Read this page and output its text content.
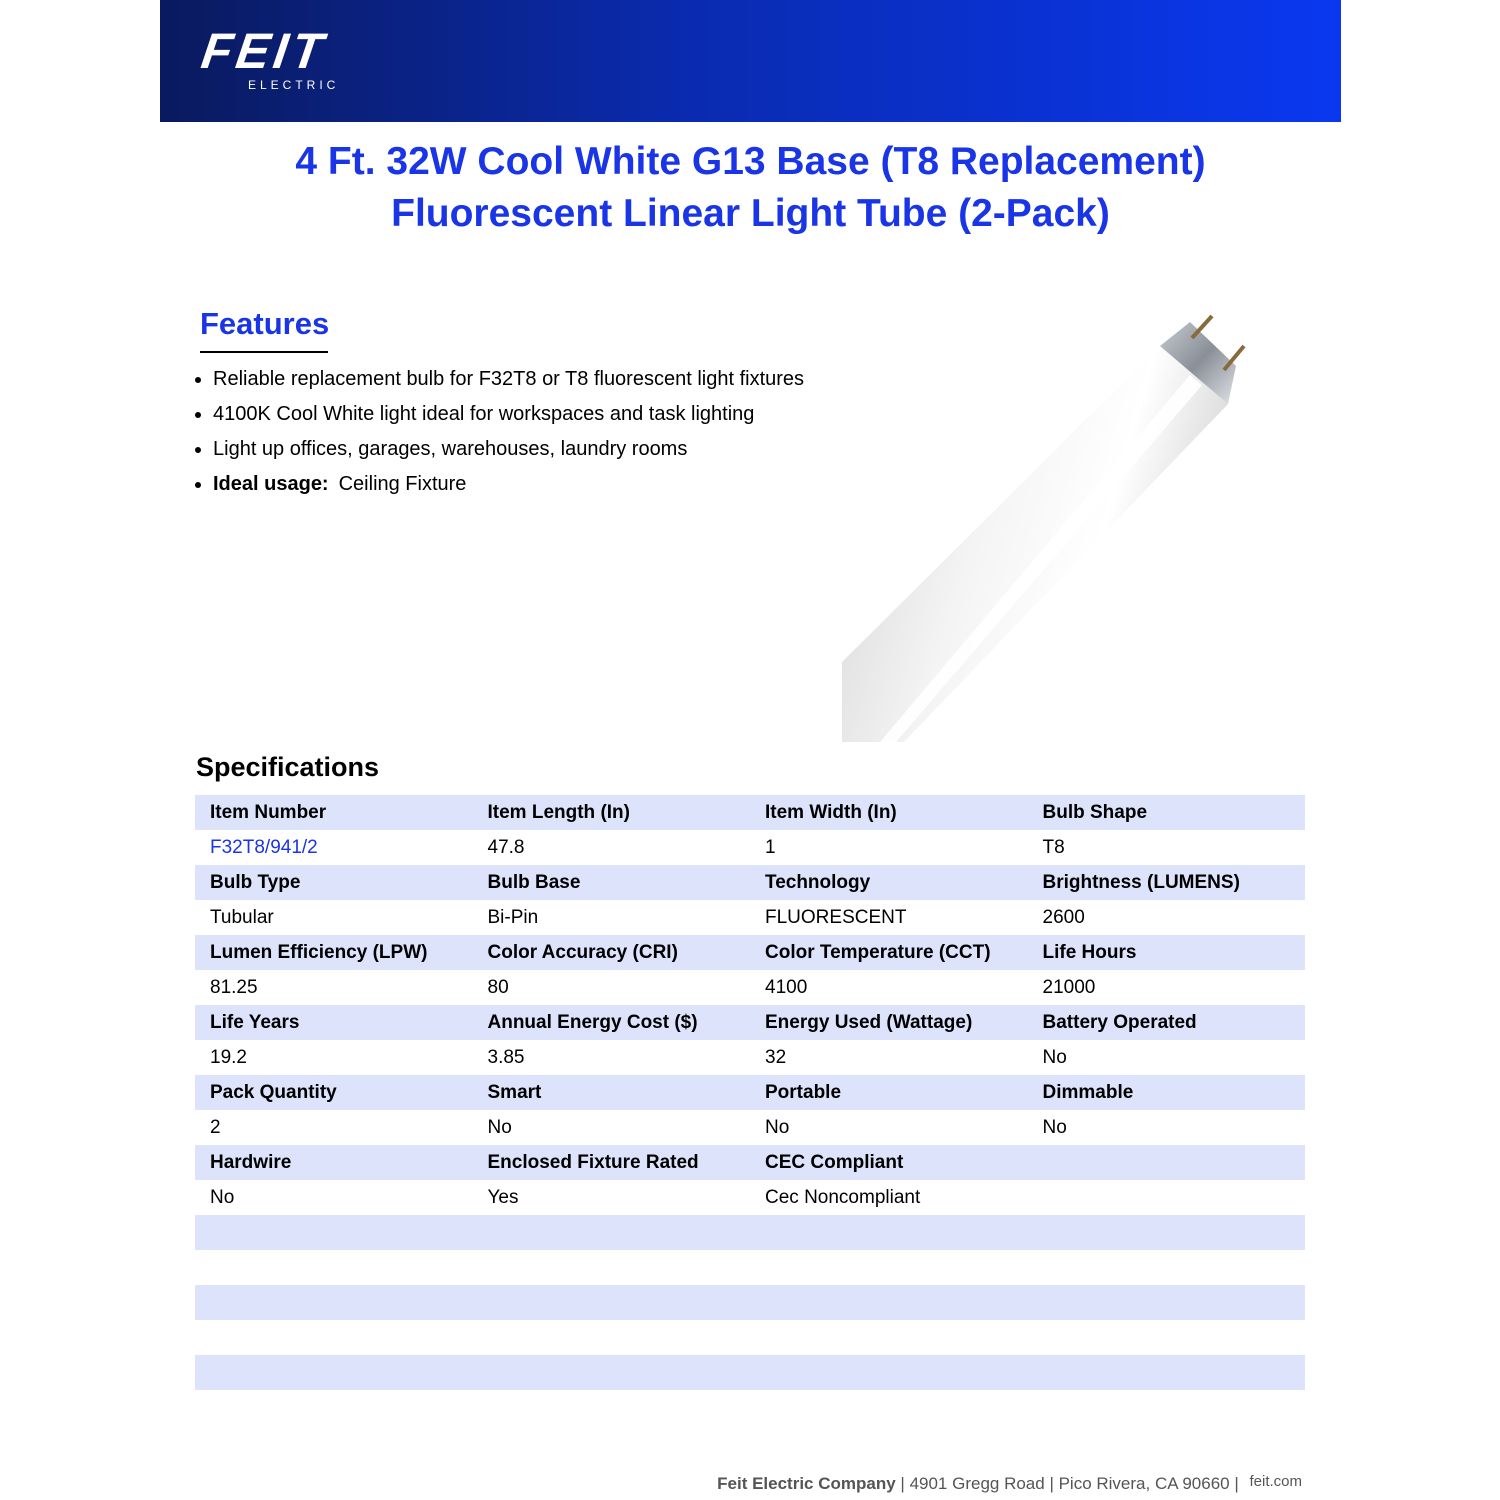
FEIT
ELECTRIC
4 Ft. 32W Cool White G13 Base (T8 Replacement)
Fluorescent Linear Light Tube (2-Pack)
Features
Reliable replacement bulb for F32T8 or T8 fluorescent light fixtures
4100K Cool White light ideal for workspaces and task lighting
Light up offices, garages, warehouses, laundry rooms
Ideal usage: Ceiling Fixture
Specifications
Item Number	Item Length (In)	Item Width (In)	Bulb Shape
F32T8/941/2	47.8	1	T8
Bulb Type	Bulb Base	Technology	Brightness (LUMENS)
Tubular	Bi-Pin	FLUORESCENT	2600
Lumen Efficiency (LPW)	Color Accuracy (CRI)	Color Temperature (CCT)	Life Hours
81.25	80	4100	21000
Life Years	Annual Energy Cost ($)	Energy Used (Wattage)	Battery Operated
19.2	3.85	32	No
Pack Quantity	Smart	Portable	Dimmable
2	No	No	No
Hardwire	Enclosed Fixture Rated	CEC Compliant	
No	Yes	Cec Noncompliant	

Feit Electric Company | 4901 Gregg Road | Pico Rivera, CA 90660 | feit.com
